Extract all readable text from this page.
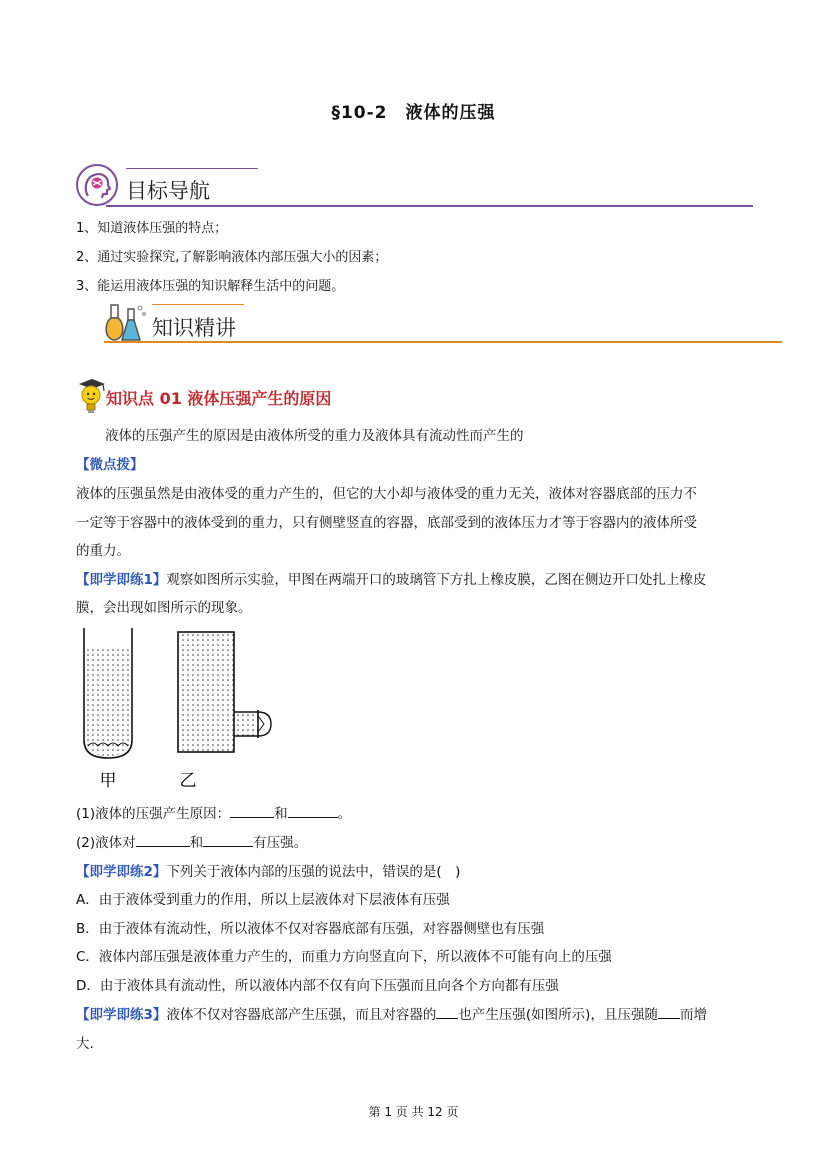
§10-2　液体的压强
目标导航
1、知道液体压强的特点；
2、通过实验探究,了解影响液体内部压强大小的因素；
3、能运用液体压强的知识解释生活中的问题。
知识精讲
知识点 01 液体压强产生的原因
液体的压强产生的原因是由液体所受的重力及液体具有流动性而产生的
【微点拨】
液体的压强虽然是由液体受的重力产生的，但它的大小却与液体受的重力无关，液体对容器底部的压力不
一定等于容器中的液体受到的重力，只有侧壁竖直的容器，底部受到的液体压力才等于容器内的液体所受
的重力。
【即学即练1】观察如图所示实验，甲图在两端开口的玻璃管下方扎上橡皮膜，乙图在侧边开口处扎上橡皮
膜，会出现如图所示的现象。
甲	乙
(1)液体的压强产生原因：	和	。
(2)液体对	和	有压强。
【即学即练2】下列关于液体内部的压强的说法中，错误的是(　)
A．由于液体受到重力的作用，所以上层液体对下层液体有压强
B．由于液体有流动性，所以液体不仅对容器底部有压强，对容器侧壁也有压强
C．液体内部压强是液体重力产生的，而重力方向竖直向下，所以液体不可能有向上的压强
D．由于液体具有流动性，所以液体内部不仅有向下压强而且向各个方向都有压强
【即学即练3】液体不仅对容器底部产生压强，而且对容器的 也产生压强(如图所示)，且压强随 而增
大.
第 1 页 共 12 页
